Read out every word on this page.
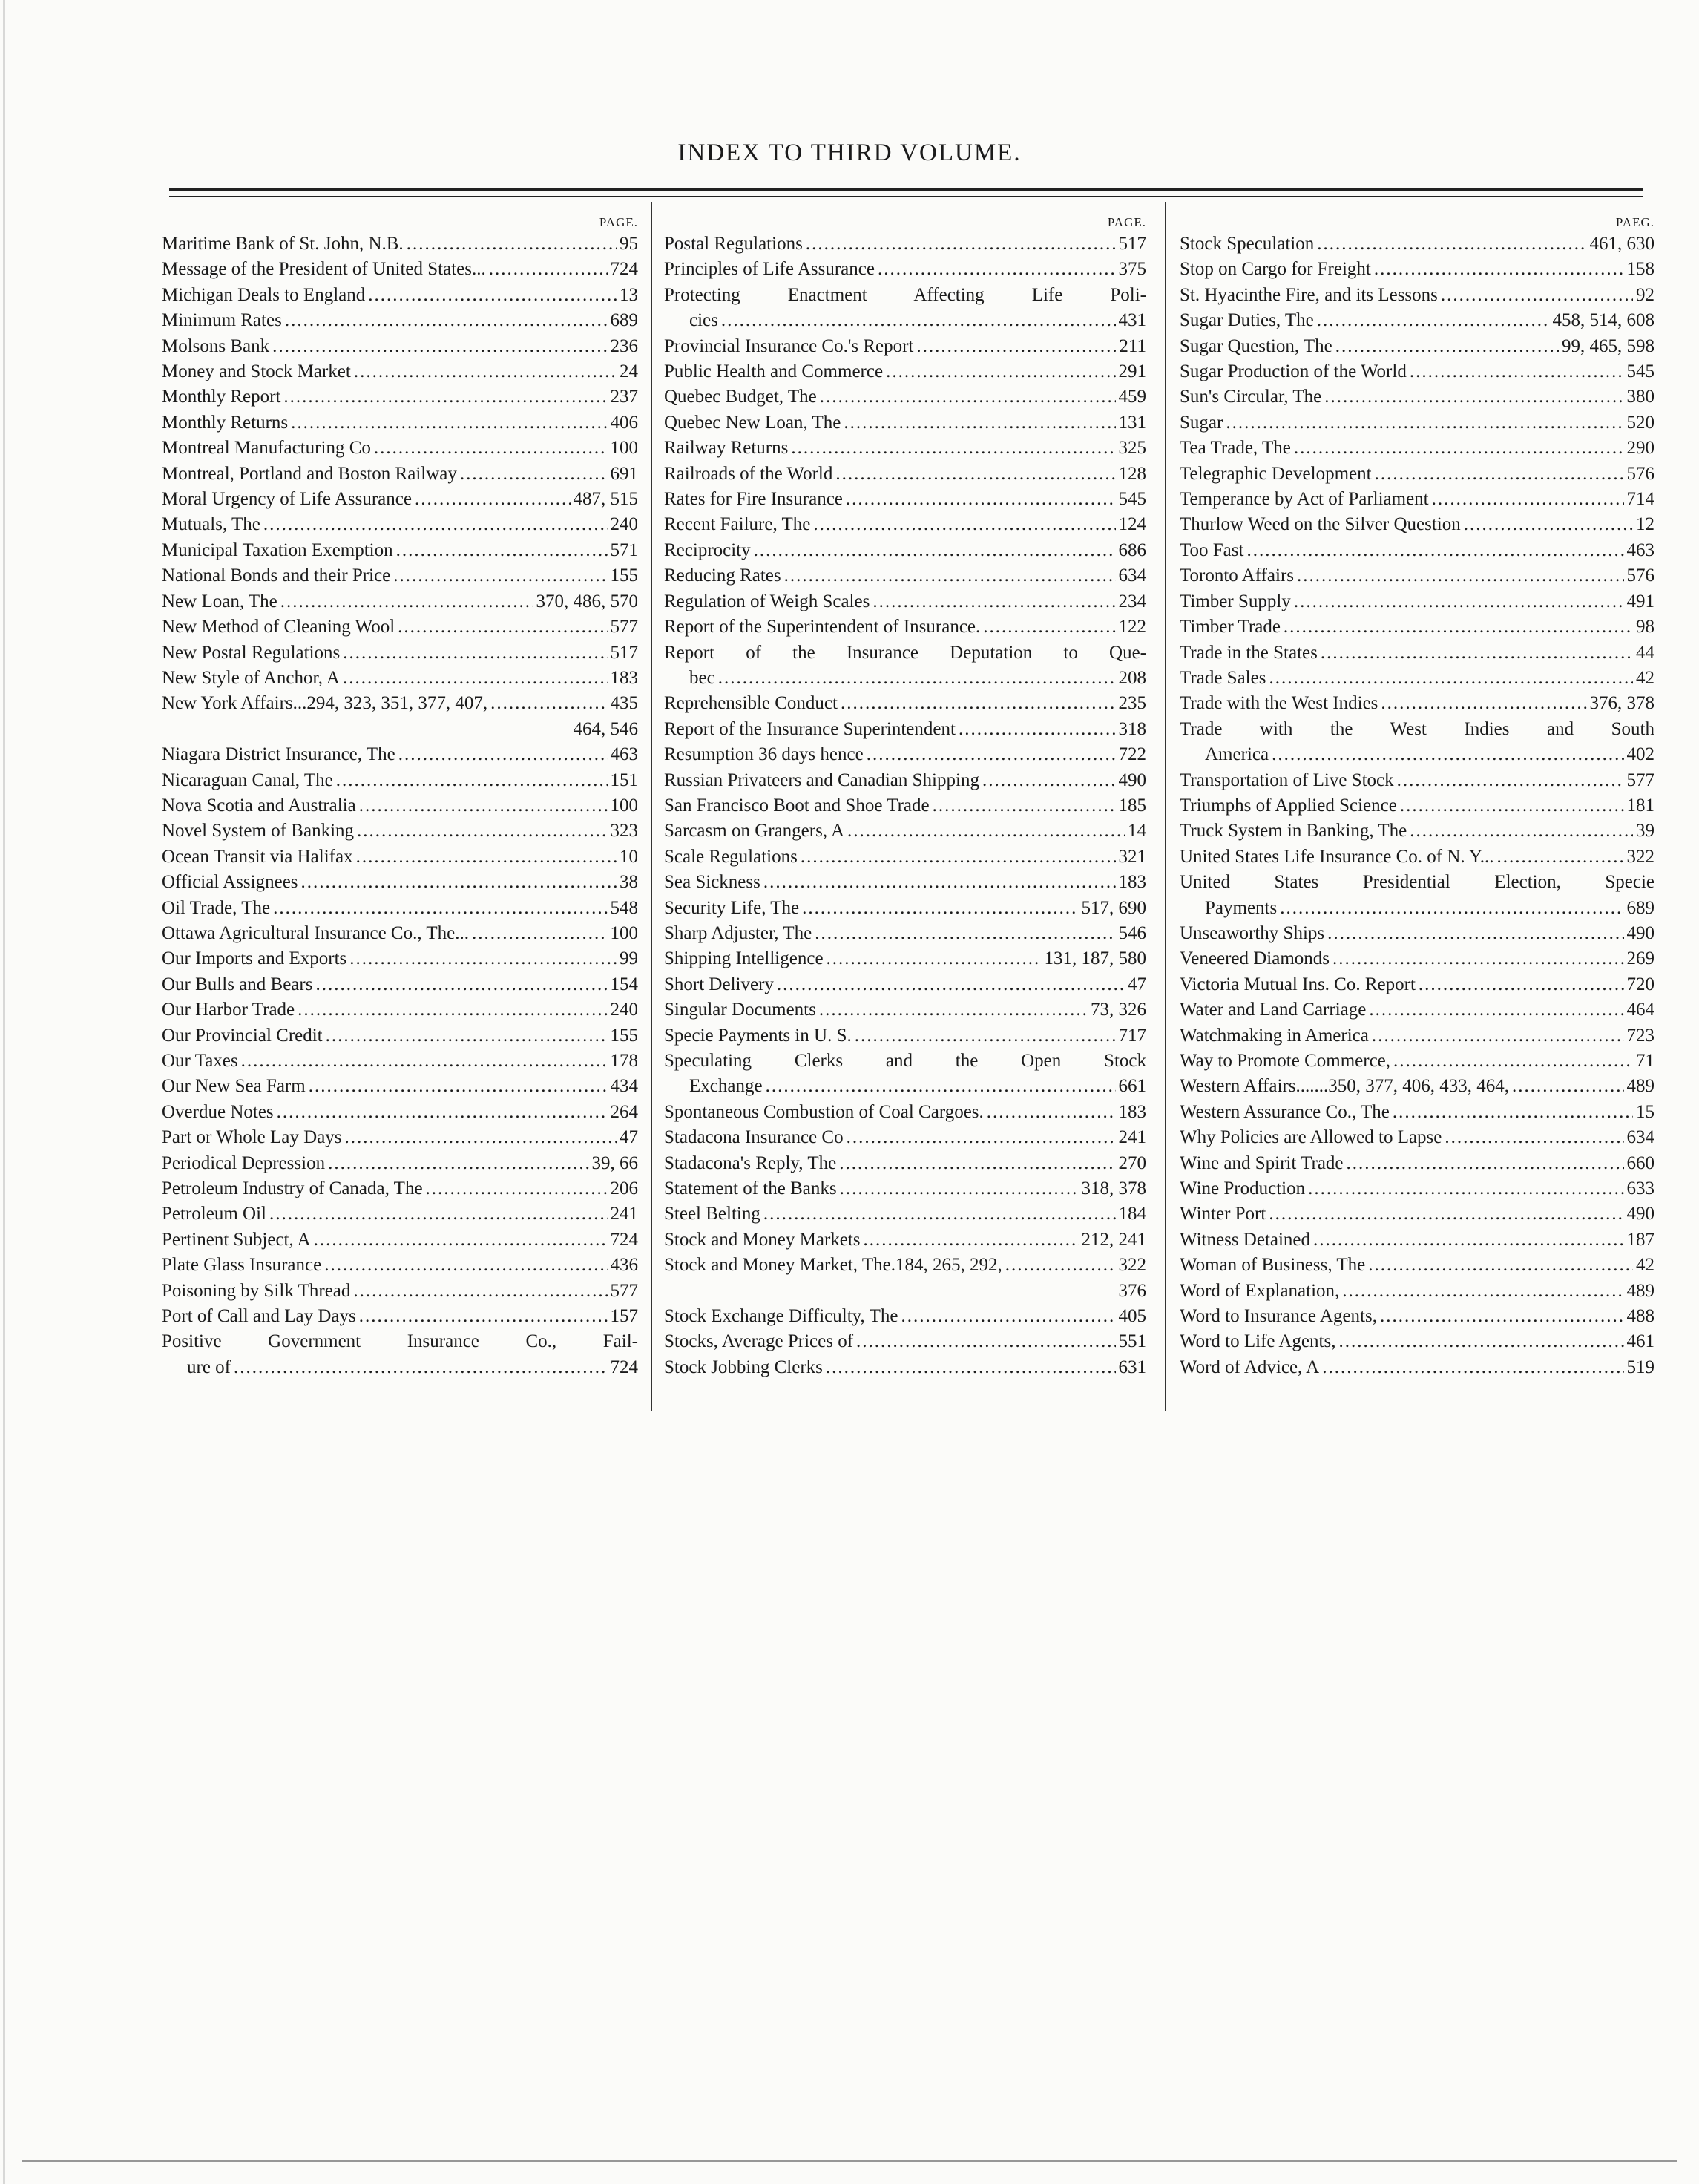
INDEX TO THIRD VOLUME.
PAGE.
Maritime Bank of St. John, N.B. .....	95
Message of the President of United States... .....	724
Michigan Deals to England .....	13
Minimum Rates .....	689
Molsons Bank .....	236
Money and Stock Market .....	24
Monthly Report .....	237
Monthly Returns .....	406
Montreal Manufacturing Co .....	100
Montreal, Portland and Boston Railway .....	691
Moral Urgency of Life Assurance .....	487, 515
Mutuals, The .....	240
Municipal Taxation Exemption .....	571
National Bonds and their Price .....	155
New Loan, The .....	370, 486, 570
New Method of Cleaning Wool .....	577
New Postal Regulations .....	517
New Style of Anchor, A .....	183
New York Affairs...294, 323, 351, 377, 407, .....	435
464, 546
Niagara District Insurance, The .....	463
Nicaraguan Canal, The .....	151
Nova Scotia and Australia .....	100
Novel System of Banking .....	323
Ocean Transit via Halifax .....	10
Official Assignees .....	38
Oil Trade, The .....	548
Ottawa Agricultural Insurance Co., The... .....	100
Our Imports and Exports .....	99
Our Bulls and Bears .....	154
Our Harbor Trade .....	240
Our Provincial Credit .....	155
Our Taxes .....	178
Our New Sea Farm .....	434
Overdue Notes .....	264
Part or Whole Lay Days .....	47
Periodical Depression .....	39, 66
Petroleum Industry of Canada, The .....	206
Petroleum Oil .....	241
Pertinent Subject, A .....	724
Plate Glass Insurance .....	436
Poisoning by Silk Thread .....	577
Port of Call and Lay Days .....	157
Positive Government Insurance Co., Fail-
ure of .....	724
PAGE.
Postal Regulations .....	517
Principles of Life Assurance .....	375
Protecting Enactment Affecting Life Poli-
cies .....	431
Provincial Insurance Co.'s Report .....	211
Public Health and Commerce .....	291
Quebec Budget, The .....	459
Quebec New Loan, The .....	131
Railway Returns .....	325
Railroads of the World .....	128
Rates for Fire Insurance .....	545
Recent Failure, The .....	124
Reciprocity .....	686
Reducing Rates .....	634
Regulation of Weigh Scales .....	234
Report of the Superintendent of Insurance. .....	122
Report of the Insurance Deputation to Que-
bec .....	208
Reprehensible Conduct .....	235
Report of the Insurance Superintendent .....	318
Resumption 36 days hence .....	722
Russian Privateers and Canadian Shipping .....	490
San Francisco Boot and Shoe Trade .....	185
Sarcasm on Grangers, A .....	14
Scale Regulations .....	321
Sea Sickness .....	183
Security Life, The .....	517, 690
Sharp Adjuster, The .....	546
Shipping Intelligence .....	131, 187, 580
Short Delivery .....	47
Singular Documents .....	73, 326
Specie Payments in U. S. .....	717
Speculating Clerks and the Open Stock
Exchange .....	661
Spontaneous Combustion of Coal Cargoes. .....	183
Stadacona Insurance Co .....	241
Stadacona's Reply, The .....	270
Statement of the Banks .....	318, 378
Steel Belting .....	184
Stock and Money Markets .....	212, 241
Stock and Money Market, The.184, 265, 292, .....	322
376
Stock Exchange Difficulty, The .....	405
Stocks, Average Prices of .....	551
Stock Jobbing Clerks .....	631
PAEG.
Stock Speculation .....	461, 630
Stop on Cargo for Freight .....	158
St. Hyacinthe Fire, and its Lessons .....	92
Sugar Duties, The .....	458, 514, 608
Sugar Question, The .....	99, 465, 598
Sugar Production of the World .....	545
Sun's Circular, The .....	380
Sugar .....	520
Tea Trade, The .....	290
Telegraphic Development .....	576
Temperance by Act of Parliament .....	714
Thurlow Weed on the Silver Question .....	12
Too Fast .....	463
Toronto Affairs .....	576
Timber Supply .....	491
Timber Trade .....	98
Trade in the States .....	44
Trade Sales .....	42
Trade with the West Indies .....	376, 378
Trade with the West Indies and South
America .....	402
Transportation of Live Stock .....	577
Triumphs of Applied Science .....	181
Truck System in Banking, The .....	39
United States Life Insurance Co. of N. Y... .....	322
United States Presidential Election, Specie
Payments .....	689
Unseaworthy Ships .....	490
Veneered Diamonds .....	269
Victoria Mutual Ins. Co. Report .....	720
Water and Land Carriage .....	464
Watchmaking in America .....	723
Way to Promote Commerce, .....	71
Western Affairs.......350, 377, 406, 433, 464, .....	489
Western Assurance Co., The .....	15
Why Policies are Allowed to Lapse .....	634
Wine and Spirit Trade .....	660
Wine Production .....	633
Winter Port .....	490
Witness Detained .....	187
Woman of Business, The .....	42
Word of Explanation, .....	489
Word to Insurance Agents, .....	488
Word to Life Agents, .....	461
Word of Advice, A .....	519
